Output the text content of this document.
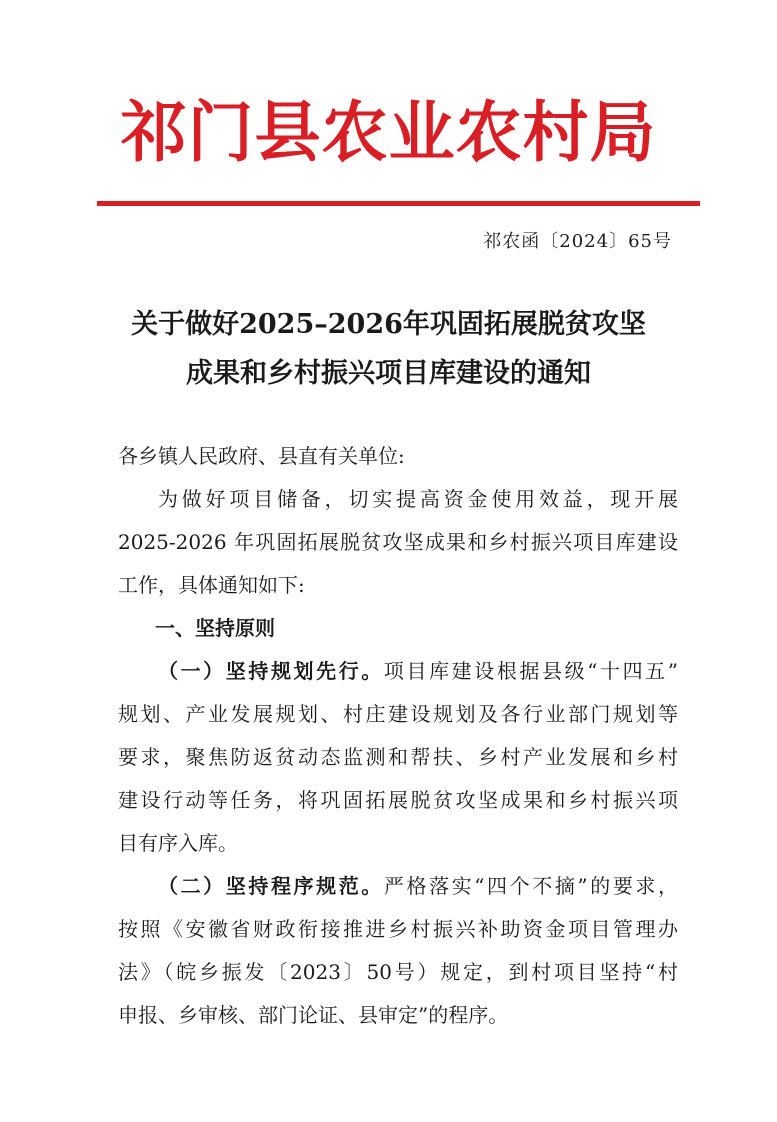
祁门县农业农村局
祁农函〔2024〕65号
关于做好2025–2026年巩固拓展脱贫攻坚
成果和乡村振兴项目库建设的通知
各乡镇人民政府、县直有关单位:
为做好项目储备，切实提高资金使用效益，现开展
2025-2026 年巩固拓展脱贫攻坚成果和乡村振兴项目库建设
工作，具体通知如下:
一、坚持原则
（一）坚持规划先行。项目库建设根据县级“十四五”
规划、产业发展规划、村庄建设规划及各行业部门规划等
要求，聚焦防返贫动态监测和帮扶、乡村产业发展和乡村
建设行动等任务，将巩固拓展脱贫攻坚成果和乡村振兴项
目有序入库。
（二）坚持程序规范。严格落实“四个不摘”的要求，
按照《安徽省财政衔接推进乡村振兴补助资金项目管理办
法》（皖乡振发〔2023〕50号）规定，到村项目坚持“村
申报、乡审核、部门论证、县审定”的程序。
